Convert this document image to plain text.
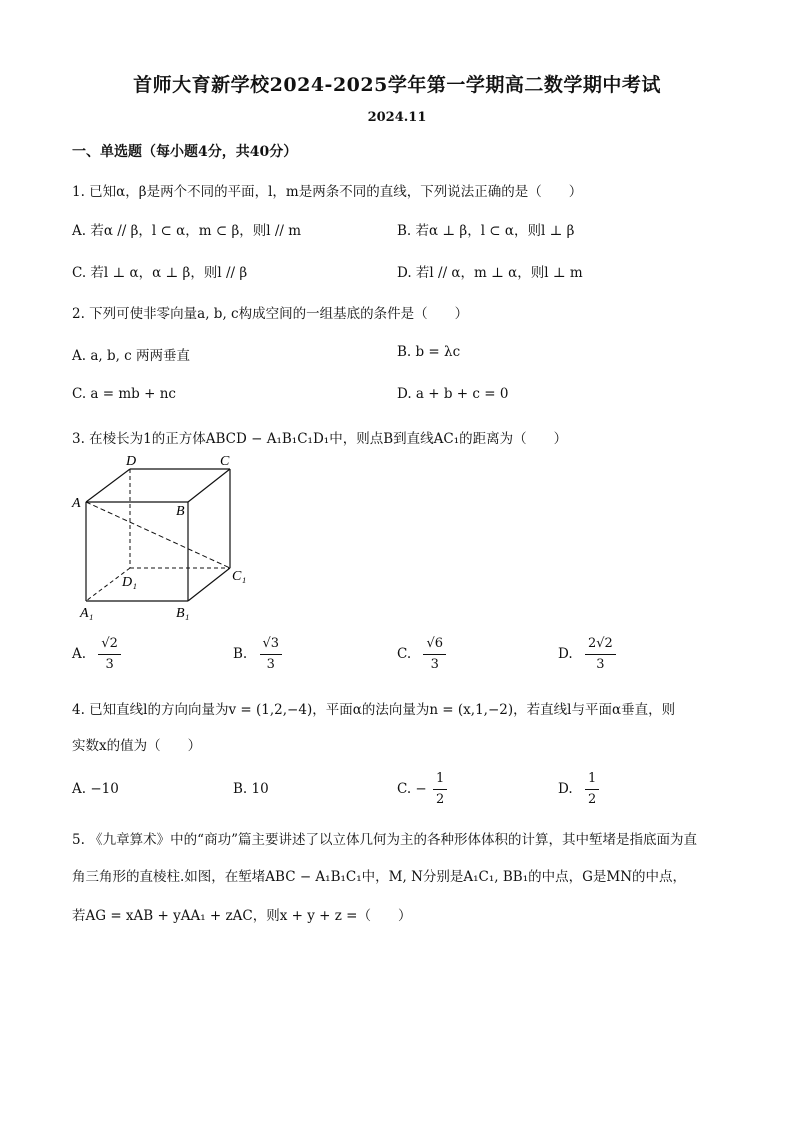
首师大育新学校2024-2025学年第一学期高二数学期中考试
2024.11
一、单选题（每小题4分，共40分）
1. 已知α，β是两个不同的平面，l，m是两条不同的直线，下列说法正确的是（　　）
A. 若α // β，l ⊂ α，m ⊂ β，则l // m	B. 若α ⊥ β，l ⊂ α，则l ⊥ β
C. 若l ⊥ α，α ⊥ β，则l // β	D. 若l // α，m ⊥ α，则l ⊥ m
2. 下列可使非零向量a, b, c构成空间的一组基底的条件是（　　）
A. a, b, c 两两垂直	B. b = λc
C. a = mb + nc	D. a + b + c = 0
3. 在棱长为1的正方体ABCD − A₁B₁C₁D₁中，则点B到直线AC₁的距离为（　　）
A
B
C
D
A₁	B₁
C₁
D₁
A. $\frac{√2}{3}$	B. $\frac{√3}{3}$	C. $\frac{√6}{3}$	D. $\frac{2√2}{3}$
4. 已知直线l的方向向量为v = (1,2,−4)，平面α的法向量为n = (x,1,−2)，若直线l与平面α垂直，则
实数x的值为（　　）
A. −10	B. 10	C. − $\frac{1}{2}$	D. $\frac{1}{2}$
5. 《九章算术》中的“商功”篇主要讲述了以立体几何为主的各种形体体积的计算，其中堑堵是指底面为直
角三角形的直棱柱.如图，在堑堵ABC − A₁B₁C₁中，M, N分别是A₁C₁, BB₁的中点，G是MN的中点，
若AG = xAB + yAA₁ + zAC，则x + y + z =（　　）
